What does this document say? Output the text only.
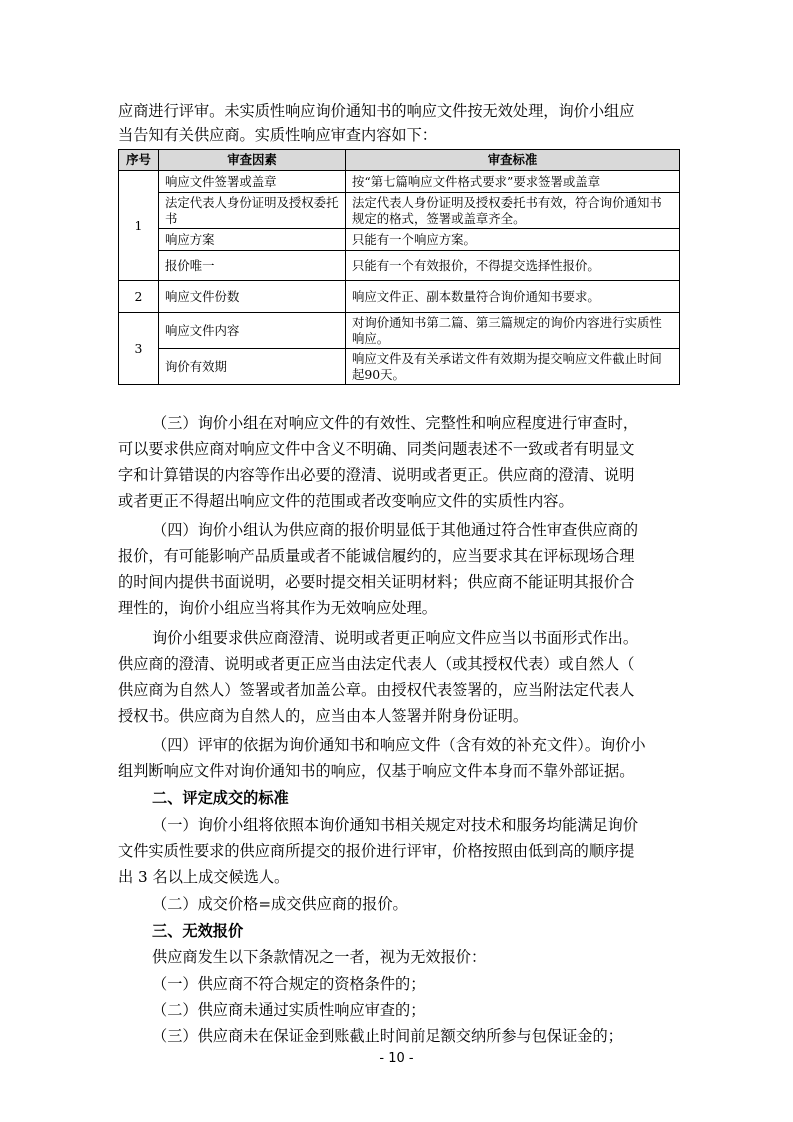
应商进行评审。未实质性响应询价通知书的响应文件按无效处理，询价小组应
当告知有关供应商。实质性响应审查内容如下：
序号	审查因素	审查标准
1	响应文件签署或盖章	按“第七篇响应文件格式要求”要求签署或盖章
	法定代表人身份证明及授权委托书	法定代表人身份证明及授权委托书有效，符合询价通知书规定的格式，签署或盖章齐全。
	响应方案	只能有一个响应方案。
	报价唯一	只能有一个有效报价，不得提交选择性报价。
2	响应文件份数	响应文件正、副本数量符合询价通知书要求。
3	响应文件内容	对询价通知书第二篇、第三篇规定的询价内容进行实质性响应。
	询价有效期	响应文件及有关承诺文件有效期为提交响应文件截止时间起90天。
（三）询价小组在对响应文件的有效性、完整性和响应程度进行审查时，
可以要求供应商对响应文件中含义不明确、同类问题表述不一致或者有明显文
字和计算错误的内容等作出必要的澄清、说明或者更正。供应商的澄清、说明
或者更正不得超出响应文件的范围或者改变响应文件的实质性内容。
（四）询价小组认为供应商的报价明显低于其他通过符合性审查供应商的
报价，有可能影响产品质量或者不能诚信履约的，应当要求其在评标现场合理
的时间内提供书面说明，必要时提交相关证明材料；供应商不能证明其报价合
理性的，询价小组应当将其作为无效响应处理。
询价小组要求供应商澄清、说明或者更正响应文件应当以书面形式作出。
供应商的澄清、说明或者更正应当由法定代表人（或其授权代表）或自然人（
供应商为自然人）签署或者加盖公章。由授权代表签署的，应当附法定代表人
授权书。供应商为自然人的，应当由本人签署并附身份证明。
（四）评审的依据为询价通知书和响应文件（含有效的补充文件）。询价小
组判断响应文件对询价通知书的响应，仅基于响应文件本身而不靠外部证据。
二、评定成交的标准
（一）询价小组将依照本询价通知书相关规定对技术和服务均能满足询价
文件实质性要求的供应商所提交的报价进行评审，价格按照由低到高的顺序提
出 3 名以上成交候选人。
（二）成交价格=成交供应商的报价。
三、无效报价
供应商发生以下条款情况之一者，视为无效报价：
（一）供应商不符合规定的资格条件的；
（二）供应商未通过实质性响应审查的；
（三）供应商未在保证金到账截止时间前足额交纳所参与包保证金的；
- 10 -
